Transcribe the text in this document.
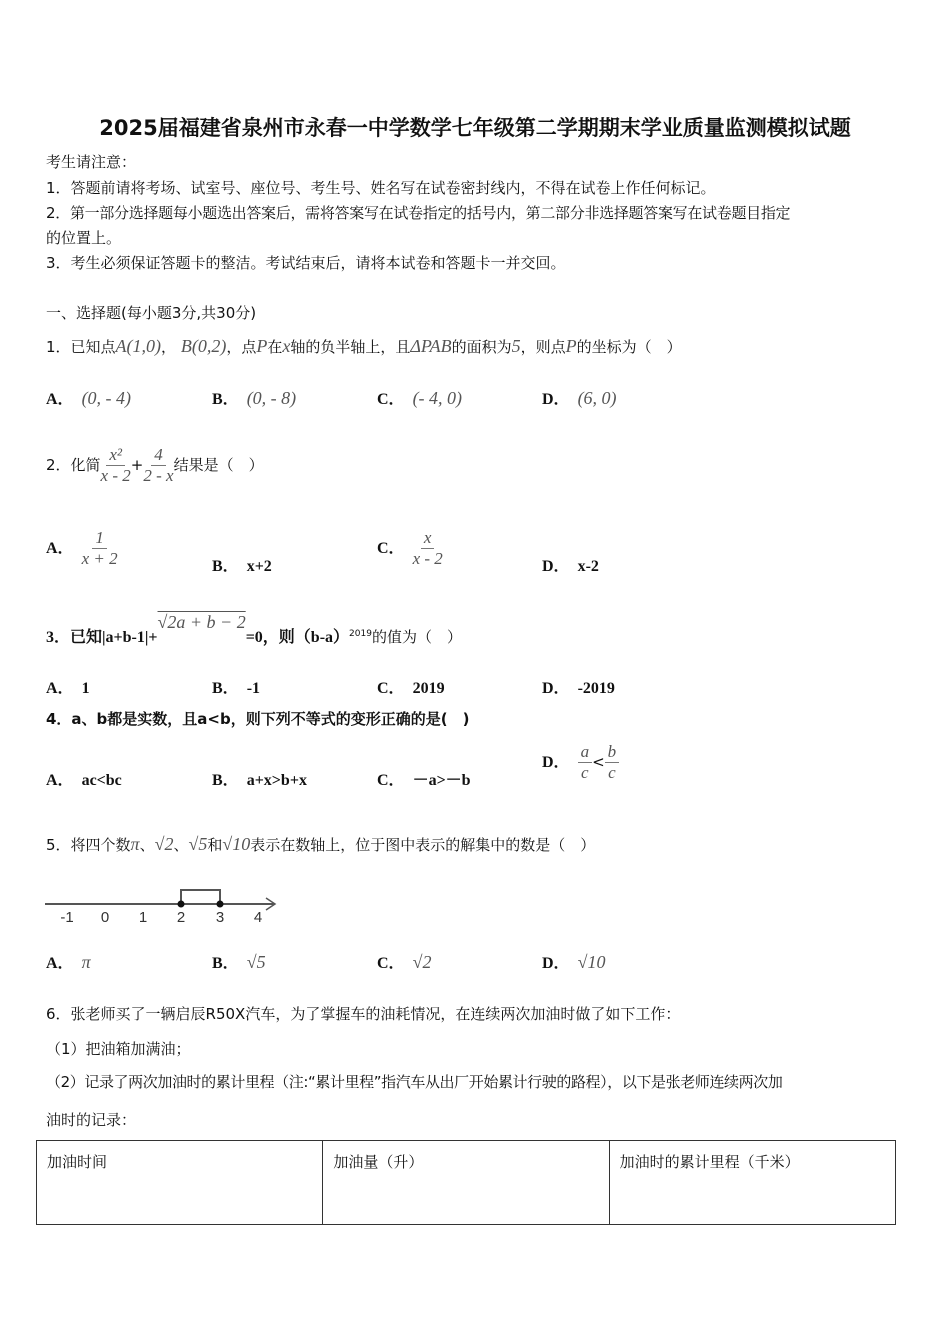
2025届福建省泉州市永春一中学数学七年级第二学期期末学业质量监测模拟试题
考生请注意：
1．答题前请将考场、试室号、座位号、考生号、姓名写在试卷密封线内，不得在试卷上作任何标记。
2．第一部分选择题每小题选出答案后，需将答案写在试卷指定的括号内，第二部分非选择题答案写在试卷题目指定
的位置上。
3．考生必须保证答题卡的整洁。考试结束后，请将本试卷和答题卡一并交回。
一、选择题(每小题3分,共30分)
1．已知点A(1,0)， B(0,2)，点P在x轴的负半轴上，且ΔPAB的面积为5，则点P的坐标为（　）
A． (0, - 4)	B． (0, - 8)	C． (- 4, 0)	D． (6, 0)
2．化简 $\frac{\text{x²}}{x - 2} + \frac{4}{2 - x}$ 结果是（　）
A． $\frac{1}{x + 2}$	B． x+2
C． $\frac{x}{x - 2}$	D． x-2
3．已知|a+b-1|+√2a + b − 2=0，则$(b-a)^{2019}$的值为（　）
A． 1	B． -1	C． 2019	D． -2019
4．a、b都是实数，且a<b，则下列不等式的变形正确的是(　)
A． ac<bc	B． a+x>b+x	C． －a>－b
D． $\frac{a}{c} < \frac{b}{c}$
5．将四个数π、√2、√5和√10表示在数轴上，位于图中表示的解集中的数是（　）
-1 0 1 2 3 4
A． π	B． √5	C． √2	D． √10
6．张老师买了一辆启辰R50X汽车，为了掌握车的油耗情况，在连续两次加油时做了如下工作：
（1）把油箱加满油；
（2）记录了两次加油时的累计里程（注:“累计里程”指汽车从出厂开始累计行驶的路程），以下是张老师连续两次加
油时的记录：
加油时间	加油量（升）	加油时的累计里程（千米）
